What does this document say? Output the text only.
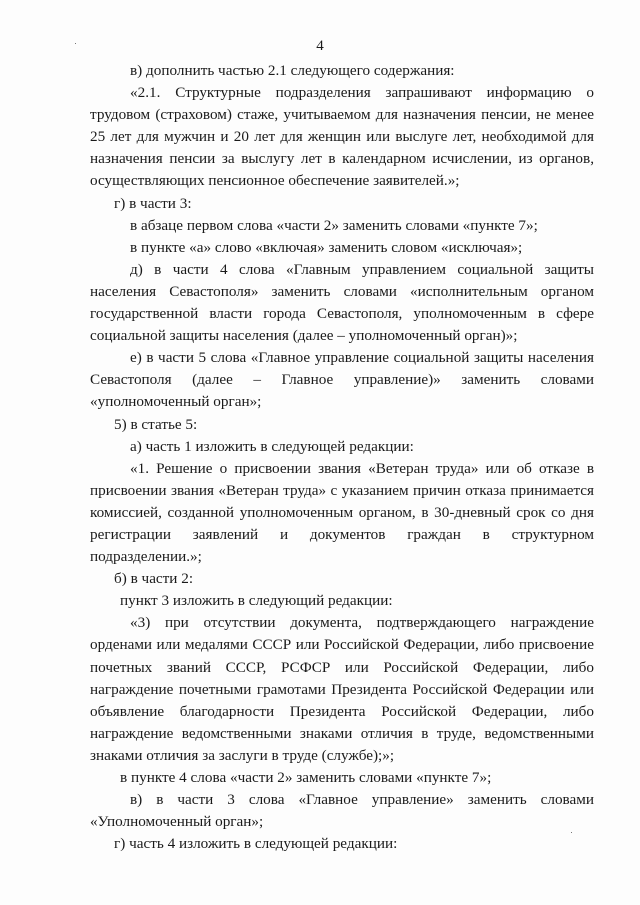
4
в) дополнить частью 2.1 следующего содержания:
«2.1. Структурные подразделения запрашивают информацию о
трудовом (страховом) стаже, учитываемом для назначения пенсии, не менее
25 лет для мужчин и 20 лет для женщин или выслуге лет, необходимой для
назначения пенсии за выслугу лет в календарном исчислении, из органов,
осуществляющих пенсионное обеспечение заявителей.»;
г) в части 3:
в абзаце первом слова «части 2» заменить словами «пункте 7»;
в пункте «а» слово «включая» заменить словом «исключая»;
д) в части 4 слова «Главным управлением социальной защиты
населения Севастополя» заменить словами «исполнительным органом
государственной власти города Севастополя, уполномоченным в сфере
социальной защиты населения (далее – уполномоченный орган)»;
е) в части 5 слова «Главное управление социальной защиты населения
Севастополя (далее – Главное управление)» заменить словами
«уполномоченный орган»;
5) в статье 5:
а) часть 1 изложить в следующей редакции:
«1. Решение о присвоении звания «Ветеран труда» или об отказе в
присвоении звания «Ветеран труда» с указанием причин отказа принимается
комиссией, созданной уполномоченным органом, в 30-дневный срок со дня
регистрации заявлений и документов граждан в структурном
подразделении.»;
б) в части 2:
пункт 3 изложить в следующий редакции:
«3) при отсутствии документа, подтверждающего награждение
орденами или медалями СССР или Российской Федерации, либо присвоение
почетных званий СССР, РСФСР или Российской Федерации, либо
награждение почетными грамотами Президента Российской Федерации или
объявление благодарности Президента Российской Федерации, либо
награждение ведомственными знаками отличия в труде, ведомственными
знаками отличия за заслуги в труде (службе);»;
в пункте 4 слова «части 2» заменить словами «пункте 7»;
в) в части 3 слова «Главное управление» заменить словами
«Уполномоченный орган»;
г) часть 4 изложить в следующей редакции:
